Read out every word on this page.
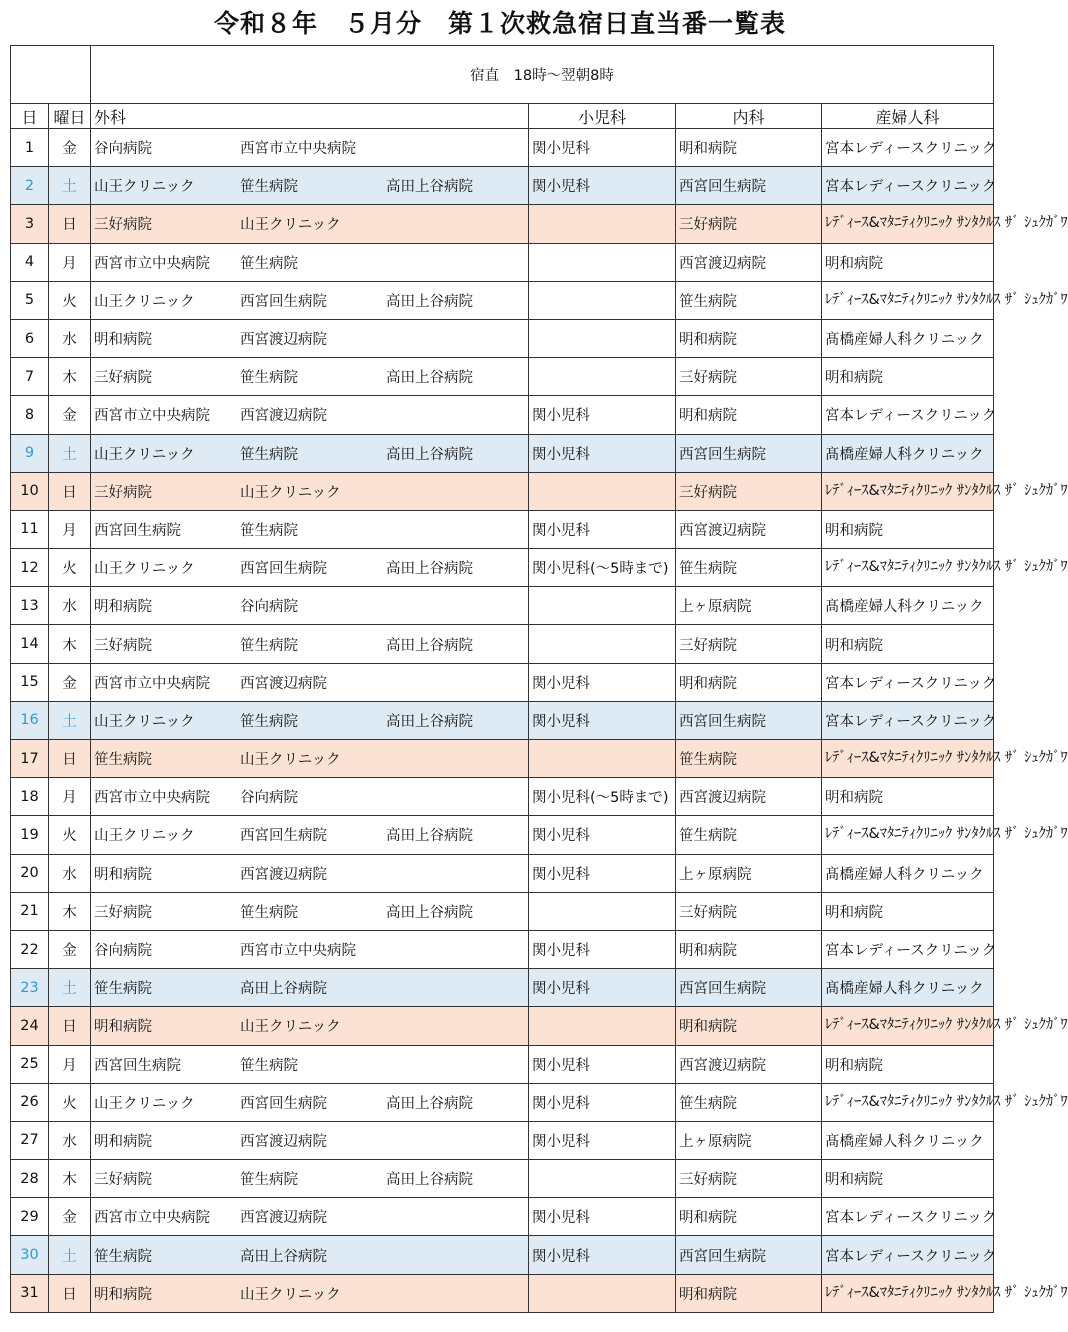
令和８年　５月分　第１次救急宿日直当番一覧表
		宿直　18時～翌朝8時			
日	曜日	外科	小児科	内科	産婦人科
1	金	谷向病院 西宮市立中央病院	関小児科	明和病院	宮本レディースクリニック
2	土	山王クリニック 笹生病院 高田上谷病院	関小児科	西宮回生病院	宮本レディースクリニック
3	日	三好病院 山王クリニック		三好病院	ﾚﾃﾞｨｰｽ&ﾏﾀﾆﾃｨｸﾘﾆｯｸ ｻﾝﾀｸﾙｽ ｻﾞ ｼｭｸｶﾞﾜ
4	月	西宮市立中央病院 笹生病院		西宮渡辺病院	明和病院
5	火	山王クリニック 西宮回生病院 高田上谷病院		笹生病院	ﾚﾃﾞｨｰｽ&ﾏﾀﾆﾃｨｸﾘﾆｯｸ ｻﾝﾀｸﾙｽ ｻﾞ ｼｭｸｶﾞﾜ
6	水	明和病院 西宮渡辺病院		明和病院	髙橋産婦人科クリニック
7	木	三好病院 笹生病院 高田上谷病院		三好病院	明和病院
8	金	西宮市立中央病院 西宮渡辺病院	関小児科	明和病院	宮本レディースクリニック
9	土	山王クリニック 笹生病院 高田上谷病院	関小児科	西宮回生病院	髙橋産婦人科クリニック
10	日	三好病院 山王クリニック		三好病院	ﾚﾃﾞｨｰｽ&ﾏﾀﾆﾃｨｸﾘﾆｯｸ ｻﾝﾀｸﾙｽ ｻﾞ ｼｭｸｶﾞﾜ
11	月	西宮回生病院 笹生病院	関小児科	西宮渡辺病院	明和病院
12	火	山王クリニック 西宮回生病院 高田上谷病院	関小児科(～5時まで)	笹生病院	ﾚﾃﾞｨｰｽ&ﾏﾀﾆﾃｨｸﾘﾆｯｸ ｻﾝﾀｸﾙｽ ｻﾞ ｼｭｸｶﾞﾜ
13	水	明和病院 谷向病院		上ヶ原病院	髙橋産婦人科クリニック
14	木	三好病院 笹生病院 高田上谷病院		三好病院	明和病院
15	金	西宮市立中央病院 西宮渡辺病院	関小児科	明和病院	宮本レディースクリニック
16	土	山王クリニック 笹生病院 高田上谷病院	関小児科	西宮回生病院	宮本レディースクリニック
17	日	笹生病院 山王クリニック		笹生病院	ﾚﾃﾞｨｰｽ&ﾏﾀﾆﾃｨｸﾘﾆｯｸ ｻﾝﾀｸﾙｽ ｻﾞ ｼｭｸｶﾞﾜ
18	月	西宮市立中央病院 谷向病院	関小児科(～5時まで)	西宮渡辺病院	明和病院
19	火	山王クリニック 西宮回生病院 高田上谷病院	関小児科	笹生病院	ﾚﾃﾞｨｰｽ&ﾏﾀﾆﾃｨｸﾘﾆｯｸ ｻﾝﾀｸﾙｽ ｻﾞ ｼｭｸｶﾞﾜ
20	水	明和病院 西宮渡辺病院	関小児科	上ヶ原病院	髙橋産婦人科クリニック
21	木	三好病院 笹生病院 高田上谷病院		三好病院	明和病院
22	金	谷向病院 西宮市立中央病院	関小児科	明和病院	宮本レディースクリニック
23	土	笹生病院 高田上谷病院	関小児科	西宮回生病院	髙橋産婦人科クリニック
24	日	明和病院 山王クリニック		明和病院	ﾚﾃﾞｨｰｽ&ﾏﾀﾆﾃｨｸﾘﾆｯｸ ｻﾝﾀｸﾙｽ ｻﾞ ｼｭｸｶﾞﾜ
25	月	西宮回生病院 笹生病院	関小児科	西宮渡辺病院	明和病院
26	火	山王クリニック 西宮回生病院 高田上谷病院	関小児科	笹生病院	ﾚﾃﾞｨｰｽ&ﾏﾀﾆﾃｨｸﾘﾆｯｸ ｻﾝﾀｸﾙｽ ｻﾞ ｼｭｸｶﾞﾜ
27	水	明和病院 西宮渡辺病院	関小児科	上ヶ原病院	髙橋産婦人科クリニック
28	木	三好病院 笹生病院 高田上谷病院		三好病院	明和病院
29	金	西宮市立中央病院 西宮渡辺病院	関小児科	明和病院	宮本レディースクリニック
30	土	笹生病院 高田上谷病院	関小児科	西宮回生病院	宮本レディースクリニック
31	日	明和病院 山王クリニック		明和病院	ﾚﾃﾞｨｰｽ&ﾏﾀﾆﾃｨｸﾘﾆｯｸ ｻﾝﾀｸﾙｽ ｻﾞ ｼｭｸｶﾞﾜ
